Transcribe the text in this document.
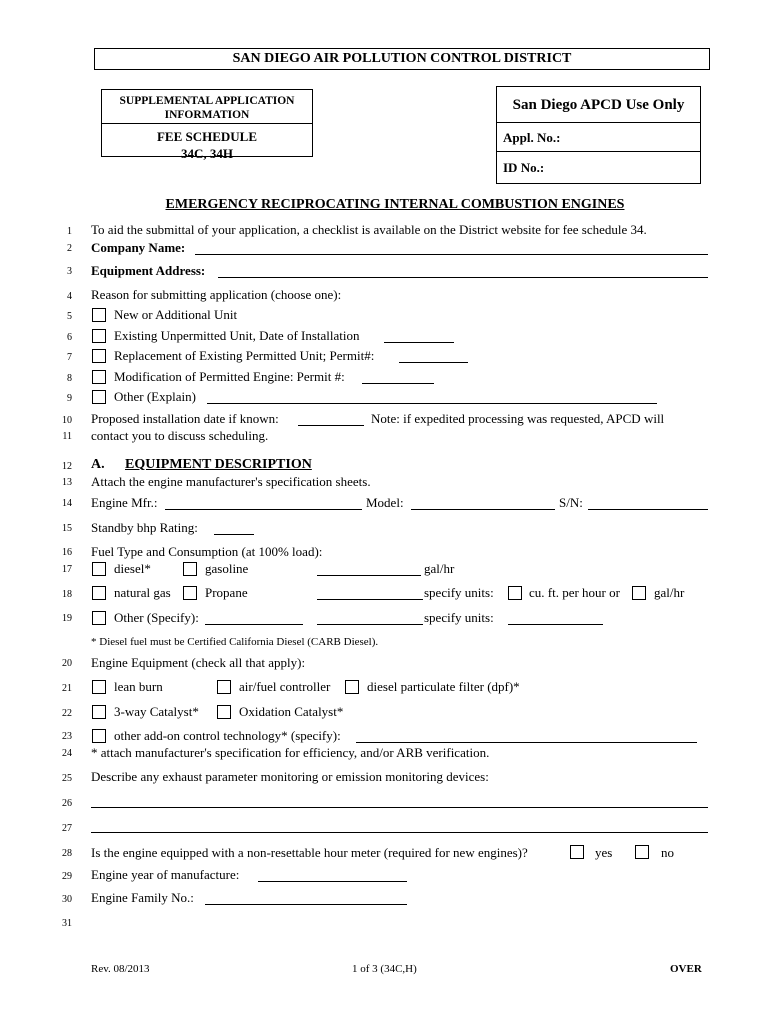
SAN DIEGO AIR POLLUTION CONTROL DISTRICT
SUPPLEMENTAL APPLICATION INFORMATION
FEE SCHEDULE
34C, 34H
San Diego APCD Use Only
Appl. No.:
ID No.:
EMERGENCY RECIPROCATING INTERNAL COMBUSTION ENGINES
1
2
3
4
5
6
7
8
9
10
11
12
13
14
15
16
17
18
19
20
21
22
23
24
25
26
27
28
29
30
31
To aid the submittal of your application, a checklist is available on the District website for fee schedule 34.
Company Name:
Equipment Address:
Reason for submitting application (choose one):
New or Additional Unit
Existing Unpermitted Unit, Date of Installation
Replacement of Existing Permitted Unit; Permit#:
Modification of Permitted Engine: Permit #:
Other (Explain)
Proposed installation date if known:	Note: if expedited processing was requested, APCD will
contact you to discuss scheduling.
A. EQUIPMENT DESCRIPTION
Attach the engine manufacturer's specification sheets.
Engine Mfr.:	Model:	S/N:
Standby bhp Rating:
Fuel Type and Consumption (at 100% load):
diesel*	gasoline	gal/hr
natural gas	Propane	specify units:	cu. ft. per hour or	gal/hr
Other (Specify):	specify units:
* Diesel fuel must be Certified California Diesel (CARB Diesel).
Engine Equipment (check all that apply):
lean burn	air/fuel controller	diesel particulate filter (dpf)*
3-way Catalyst*	Oxidation Catalyst*
other add-on control technology* (specify):
* attach manufacturer's specification for efficiency, and/or ARB verification.
Describe any exhaust parameter monitoring or emission monitoring devices:
Is the engine equipped with a non-resettable hour meter (required for new engines)?	yes	no
Engine year of manufacture:
Engine Family No.:
Rev. 08/2013	1 of 3 (34C,H)	OVER
